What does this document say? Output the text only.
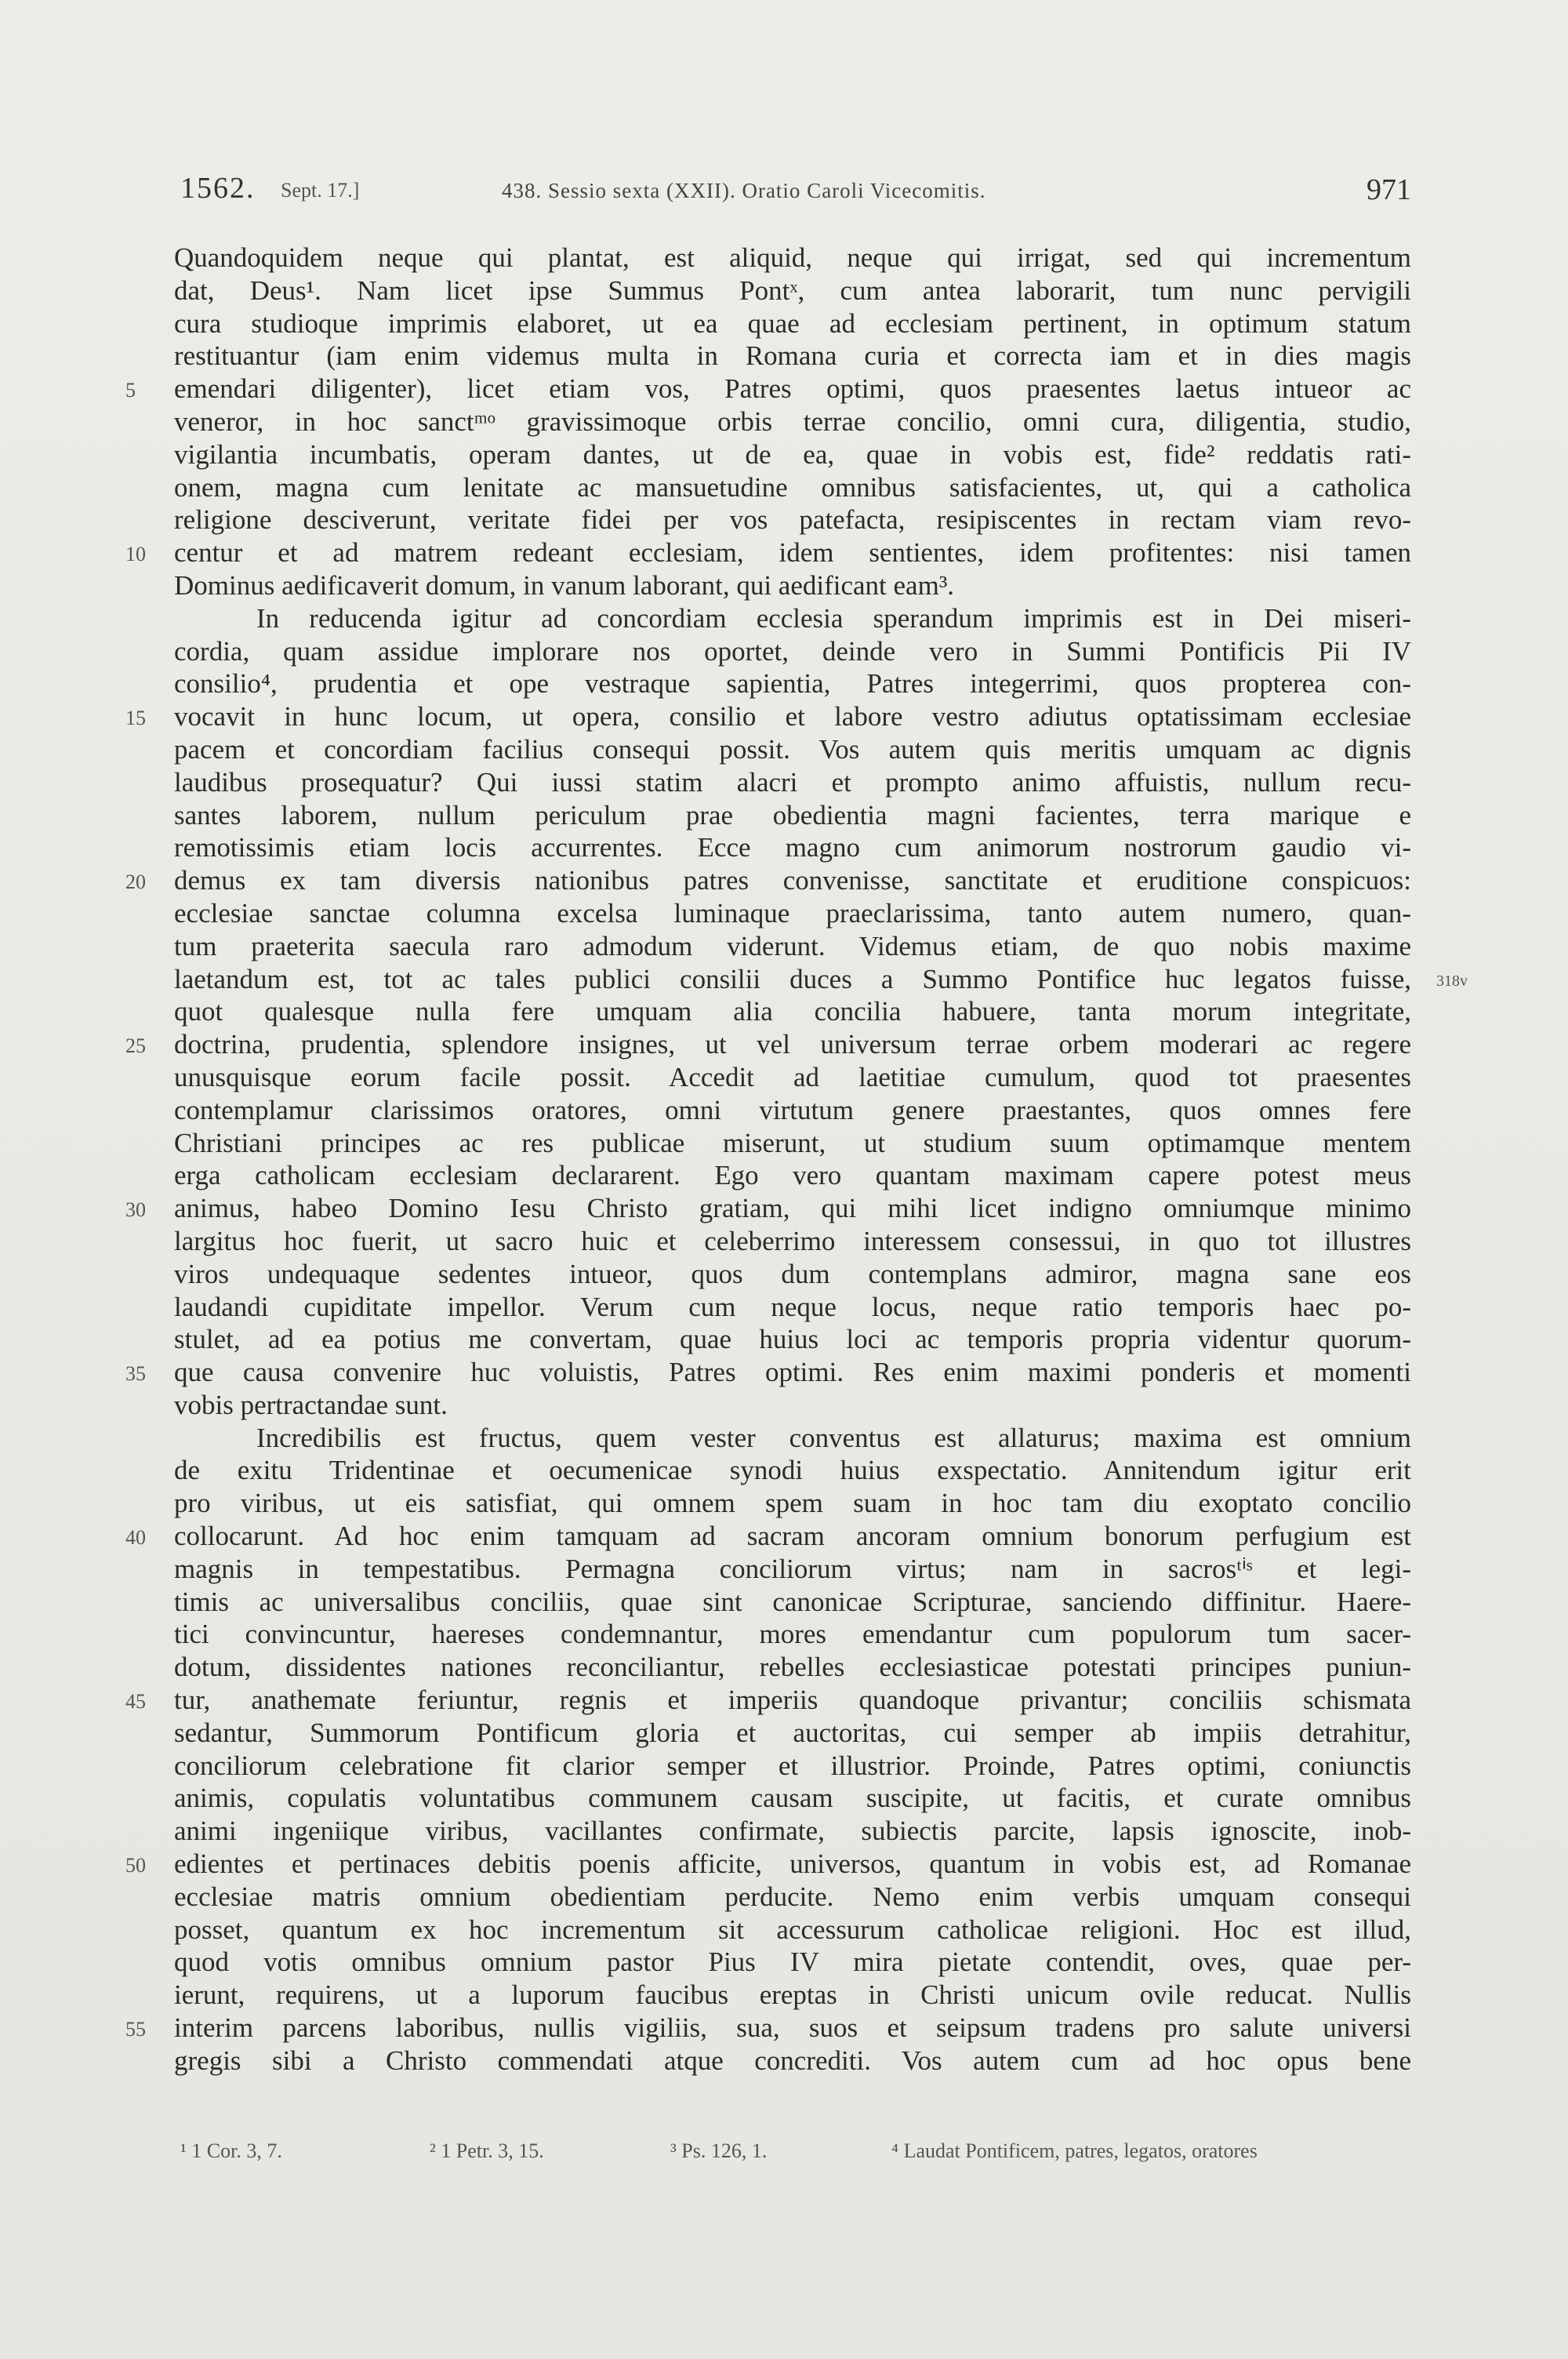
1562. Sept. 17.]	438. Sessio sexta (XXII). Oratio Caroli Vicecomitis.	971
Quandoquidem neque qui plantat, est aliquid, neque qui irrigat, sed qui incrementum
dat, Deus¹. Nam licet ipse Summus Pontˣ, cum antea laborarit, tum nunc pervigili
cura studioque imprimis elaboret, ut ea quae ad ecclesiam pertinent, in optimum statum
restituantur (iam enim videmus multa in Romana curia et correcta iam et in dies magis
emendari diligenter), licet etiam vos, Patres optimi, quos praesentes laetus intueor ac
veneror, in hoc sanctᵐᵒ gravissimoque orbis terrae concilio, omni cura, diligentia, studio,
vigilantia incumbatis, operam dantes, ut de ea, quae in vobis est, fide² reddatis rati-
onem, magna cum lenitate ac mansuetudine omnibus satisfacientes, ut, qui a catholica
religione desciverunt, veritate fidei per vos patefacta, resipiscentes in rectam viam revo-
centur et ad matrem redeant ecclesiam, idem sentientes, idem profitentes: nisi tamen
Dominus aedificaverit domum, in vanum laborant, qui aedificant eam³.
In reducenda igitur ad concordiam ecclesia sperandum imprimis est in Dei miseri-
cordia, quam assidue implorare nos oportet, deinde vero in Summi Pontificis Pii IV
consilio⁴, prudentia et ope vestraque sapientia, Patres integerrimi, quos propterea con-
vocavit in hunc locum, ut opera, consilio et labore vestro adiutus optatissimam ecclesiae
pacem et concordiam facilius consequi possit. Vos autem quis meritis umquam ac dignis
laudibus prosequatur? Qui iussi statim alacri et prompto animo affuistis, nullum recu-
santes laborem, nullum periculum prae obedientia magni facientes, terra marique e
remotissimis etiam locis accurrentes. Ecce magno cum animorum nostrorum gaudio vi-
demus ex tam diversis nationibus patres convenisse, sanctitate et eruditione conspicuos:
ecclesiae sanctae columna excelsa luminaque praeclarissima, tanto autem numero, quan-
tum praeterita saecula raro admodum viderunt. Videmus etiam, de quo nobis maxime
laetandum est, tot ac tales publici consilii duces a Summo Pontifice huc legatos fuisse,
quot qualesque nulla fere umquam alia concilia habuere, tanta morum integritate,
doctrina, prudentia, splendore insignes, ut vel universum terrae orbem moderari ac regere
unusquisque eorum facile possit. Accedit ad laetitiae cumulum, quod tot praesentes
contemplamur clarissimos oratores, omni virtutum genere praestantes, quos omnes fere
Christiani principes ac res publicae miserunt, ut studium suum optimamque mentem
erga catholicam ecclesiam declararent. Ego vero quantam maximam capere potest meus
animus, habeo Domino Iesu Christo gratiam, qui mihi licet indigno omniumque minimo
largitus hoc fuerit, ut sacro huic et celeberrimo interessem consessui, in quo tot illustres
viros undequaque sedentes intueor, quos dum contemplans admiror, magna sane eos
laudandi cupiditate impellor. Verum cum neque locus, neque ratio temporis haec po-
stulet, ad ea potius me convertam, quae huius loci ac temporis propria videntur quorum-
que causa convenire huc voluistis, Patres optimi. Res enim maximi ponderis et momenti
vobis pertractandae sunt.
Incredibilis est fructus, quem vester conventus est allaturus; maxima est omnium
de exitu Tridentinae et oecumenicae synodi huius exspectatio. Annitendum igitur erit
pro viribus, ut eis satisfiat, qui omnem spem suam in hoc tam diu exoptato concilio
collocarunt. Ad hoc enim tamquam ad sacram ancoram omnium bonorum perfugium est
magnis in tempestatibus. Permagna conciliorum virtus; nam in sacrosᵗⁱˢ et legi-
timis ac universalibus conciliis, quae sint canonicae Scripturae, sanciendo diffinitur. Haere-
tici convincuntur, haereses condemnantur, mores emendantur cum populorum tum sacer-
dotum, dissidentes nationes reconciliantur, rebelles ecclesiasticae potestati principes puniun-
tur, anathemate feriuntur, regnis et imperiis quandoque privantur; conciliis schismata
sedantur, Summorum Pontificum gloria et auctoritas, cui semper ab impiis detrahitur,
conciliorum celebratione fit clarior semper et illustrior. Proinde, Patres optimi, coniunctis
animis, copulatis voluntatibus communem causam suscipite, ut facitis, et curate omnibus
animi ingeniique viribus, vacillantes confirmate, subiectis parcite, lapsis ignoscite, inob-
edientes et pertinaces debitis poenis afficite, universos, quantum in vobis est, ad Romanae
ecclesiae matris omnium obedientiam perducite. Nemo enim verbis umquam consequi
posset, quantum ex hoc incrementum sit accessurum catholicae religioni. Hoc est illud,
quod votis omnibus omnium pastor Pius IV mira pietate contendit, oves, quae per-
ierunt, requirens, ut a luporum faucibus ereptas in Christi unicum ovile reducat. Nullis
interim parcens laboribus, nullis vigiliis, sua, suos et seipsum tradens pro salute universi
gregis sibi a Christo commendati atque concrediti. Vos autem cum ad hoc opus bene
5
10
15
20
25
30
35
40
45
50
55
318v
¹ 1 Cor. 3, 7.	² 1 Petr. 3, 15.	³ Ps. 126, 1.	⁴ Laudat Pontificem, patres, legatos, oratores
